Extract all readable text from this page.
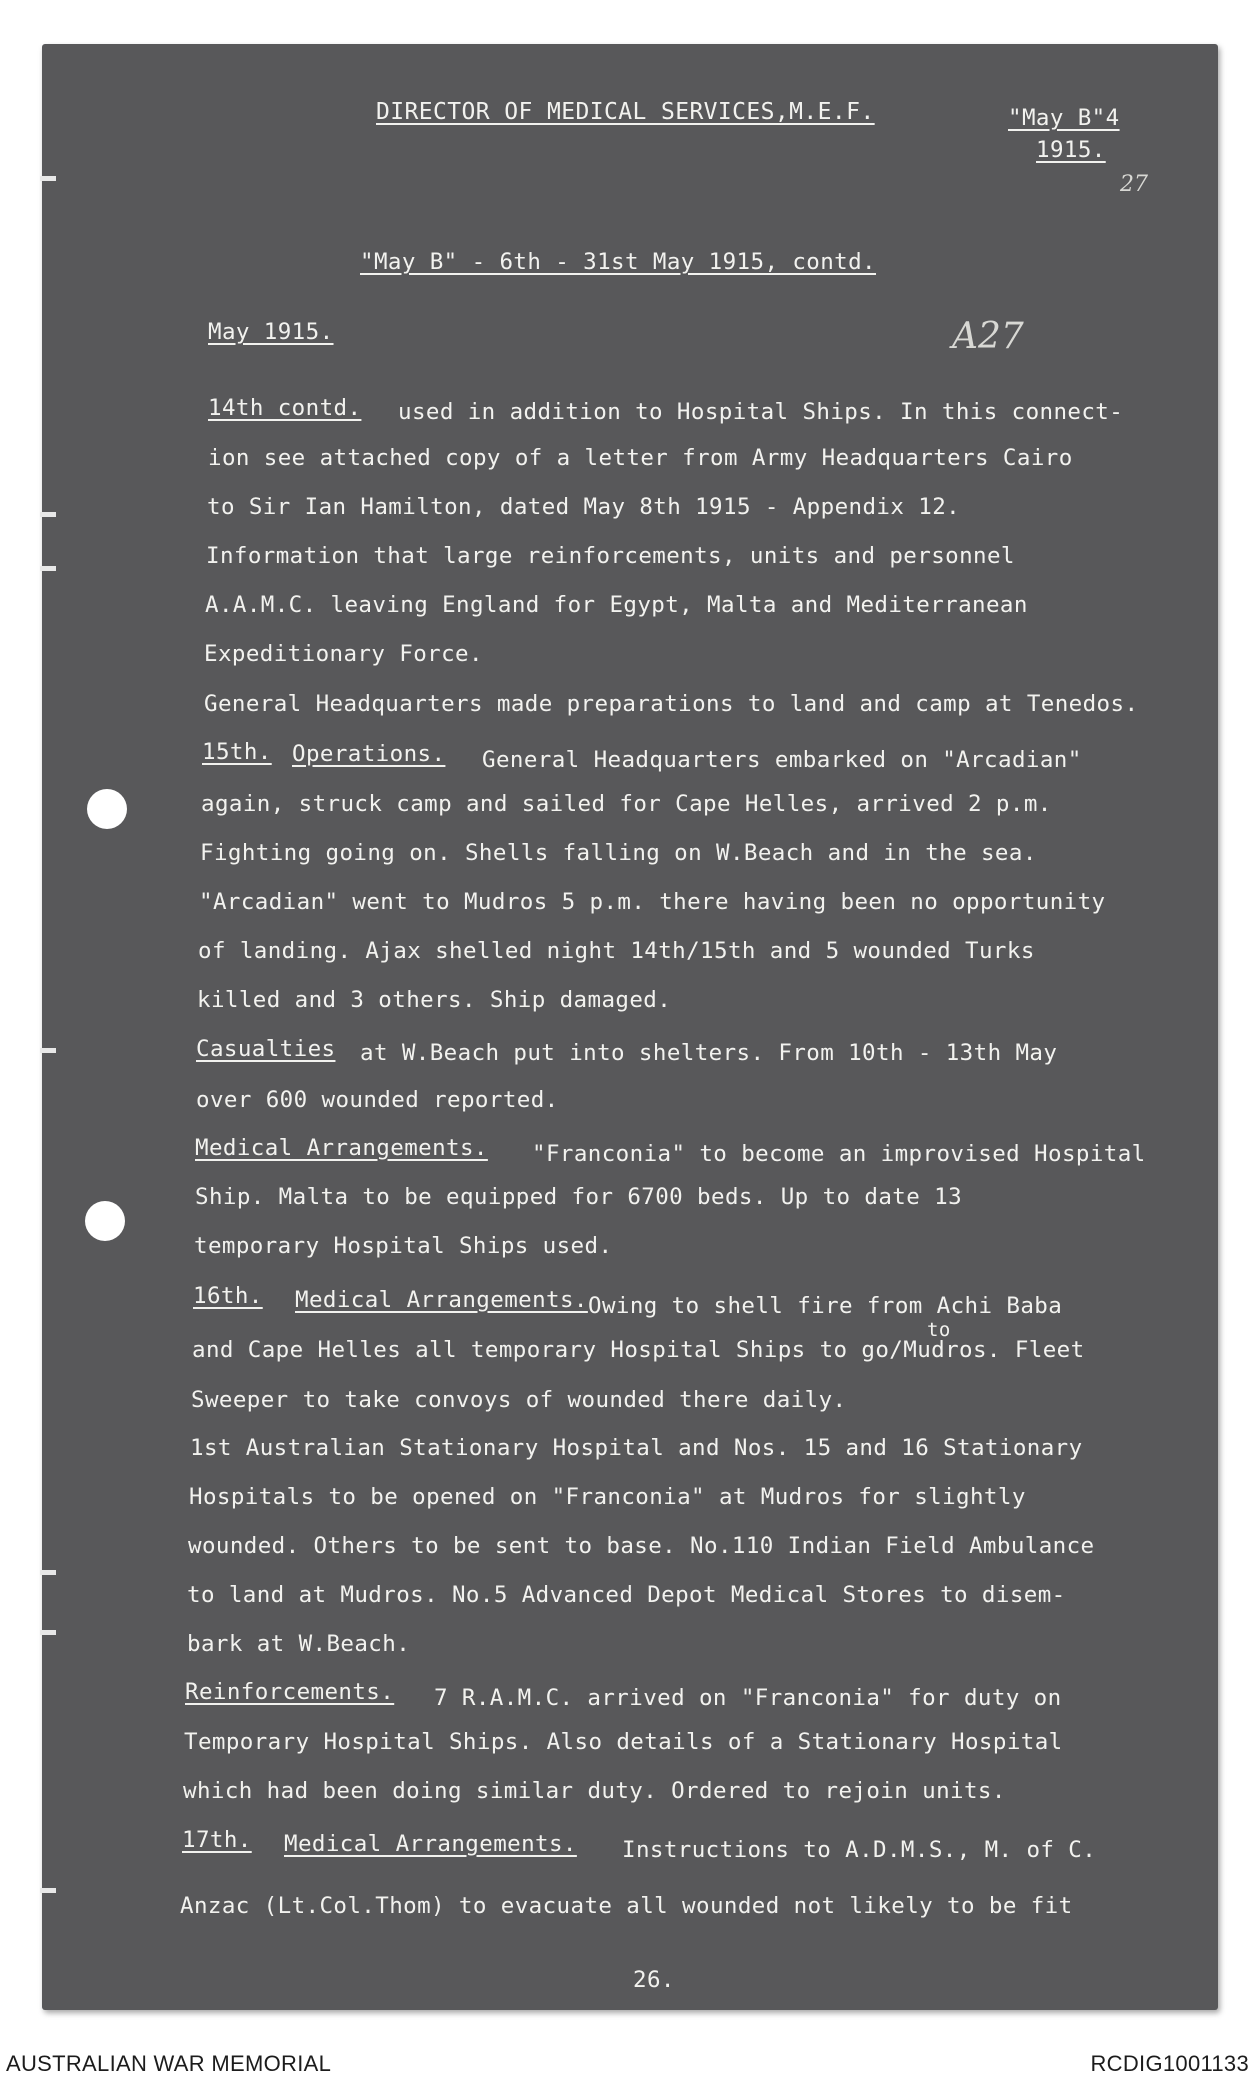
DIRECTOR OF MEDICAL SERVICES,M.E.F.	"May B"4
1915.
27
A27
"May B" - 6th - 31st May 1915, contd.
May 1915.
14th contd. used in addition to Hospital Ships. In this connect-
ion see attached copy of a letter from Army Headquarters Cairo
to Sir Ian Hamilton, dated May 8th 1915 - Appendix 12.
Information that large reinforcements, units and personnel
A.A.M.C. leaving England for Egypt, Malta and Mediterranean
Expeditionary Force.
General Headquarters made preparations to land and camp at Tenedos.
15th. Operations. General Headquarters embarked on "Arcadian"
again, struck camp and sailed for Cape Helles, arrived 2 p.m.
Fighting going on. Shells falling on W.Beach and in the sea.
"Arcadian" went to Mudros 5 p.m. there having been no opportunity
of landing. Ajax shelled night 14th/15th and 5 wounded Turks
killed and 3 others. Ship damaged.
Casualties at W.Beach put into shelters. From 10th - 13th May
over 600 wounded reported.
Medical Arrangements. "Franconia" to become an improvised Hospital
Ship. Malta to be equipped for 6700 beds. Up to date 13
temporary Hospital Ships used.
16th. Medical Arrangements. Owing to shell fire from Achi Baba
to
and Cape Helles all temporary Hospital Ships to go/Mudros. Fleet
Sweeper to take convoys of wounded there daily.
1st Australian Stationary Hospital and Nos. 15 and 16 Stationary
Hospitals to be opened on "Franconia" at Mudros for slightly
wounded. Others to be sent to base. No.110 Indian Field Ambulance
to land at Mudros. No.5 Advanced Depot Medical Stores to disem-
bark at W.Beach.
Reinforcements. 7 R.A.M.C. arrived on "Franconia" for duty on
Temporary Hospital Ships. Also details of a Stationary Hospital
which had been doing similar duty. Ordered to rejoin units.
17th. Medical Arrangements. Instructions to A.D.M.S., M. of C.
Anzac (Lt.Col.Thom) to evacuate all wounded not likely to be fit
26.
AUSTRALIAN WAR MEMORIAL	RCDIG1001133
